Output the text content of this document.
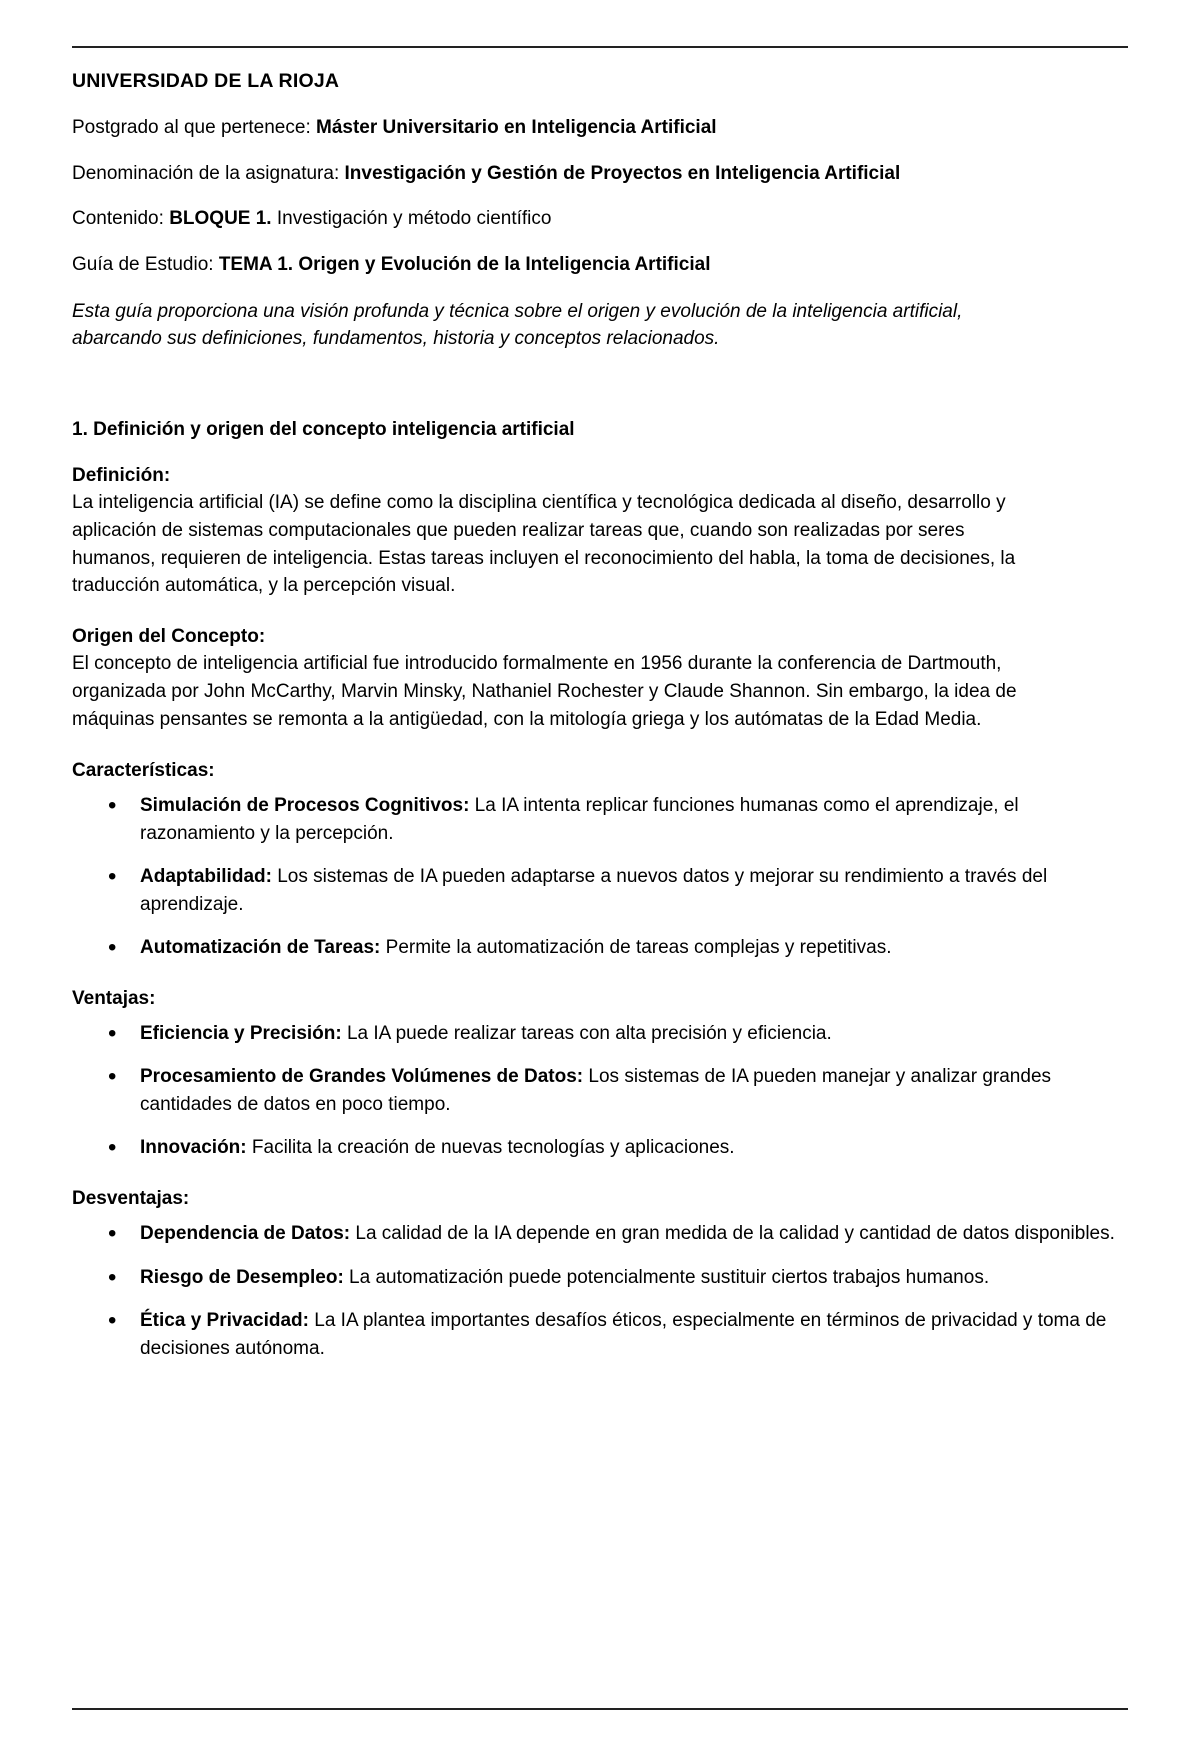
UNIVERSIDAD DE LA RIOJA

Postgrado al que pertenece: Máster Universitario en Inteligencia Artificial

Denominación de la asignatura: Investigación y Gestión de Proyectos en Inteligencia Artificial

Contenido: BLOQUE 1. Investigación y método científico

Guía de Estudio: TEMA 1. Origen y Evolución de la Inteligencia Artificial

Esta guía proporciona una visión profunda y técnica sobre el origen y evolución de la inteligencia artificial, abarcando sus definiciones, fundamentos, historia y conceptos relacionados.

1. Definición y origen del concepto inteligencia artificial
Definición:

La inteligencia artificial (IA) se define como la disciplina científica y tecnológica dedicada al diseño, desarrollo y aplicación de sistemas computacionales que pueden realizar tareas que, cuando son realizadas por seres humanos, requieren de inteligencia. Estas tareas incluyen el reconocimiento del habla, la toma de decisiones, la traducción automática, y la percepción visual.

Origen del Concepto:

El concepto de inteligencia artificial fue introducido formalmente en 1956 durante la conferencia de Dartmouth, organizada por John McCarthy, Marvin Minsky, Nathaniel Rochester y Claude Shannon. Sin embargo, la idea de máquinas pensantes se remonta a la antigüedad, con la mitología griega y los autómatas de la Edad Media.

Características:
• Simulación de Procesos Cognitivos: La IA intenta replicar funciones humanas como el aprendizaje, el razonamiento y la percepción.
• Adaptabilidad: Los sistemas de IA pueden adaptarse a nuevos datos y mejorar su rendimiento a través del aprendizaje.
• Automatización de Tareas: Permite la automatización de tareas complejas y repetitivas.
Ventajas:
• Eficiencia y Precisión: La IA puede realizar tareas con alta precisión y eficiencia.
• Procesamiento de Grandes Volúmenes de Datos: Los sistemas de IA pueden manejar y analizar grandes cantidades de datos en poco tiempo.
• Innovación: Facilita la creación de nuevas tecnologías y aplicaciones.
Desventajas:
• Dependencia de Datos: La calidad de la IA depende en gran medida de la calidad y cantidad de datos disponibles.
• Riesgo de Desempleo: La automatización puede potencialmente sustituir ciertos trabajos humanos.
• Ética y Privacidad: La IA plantea importantes desafíos éticos, especialmente en términos de privacidad y toma de decisiones autónoma.
